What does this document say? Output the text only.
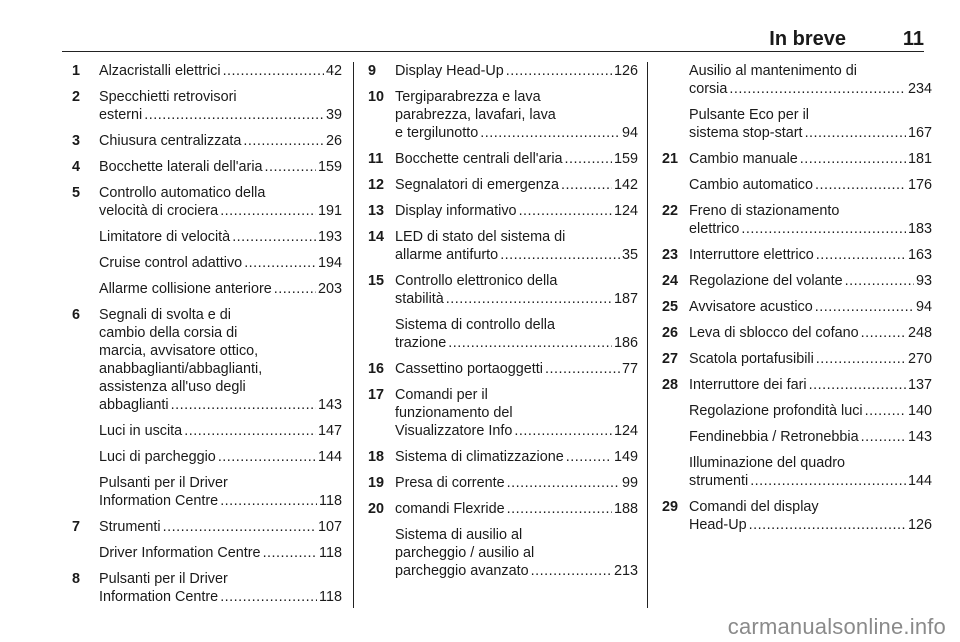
In breve	11
1	Alzacristalli elettrici .....	42
2	Specchietti retrovisori
esterni .....	39
3	Chiusura centralizzata .....	26
4	Bocchette laterali dell'aria .....	159
5	Controllo automatico della
velocità di crociera .....	191
Limitatore di velocità .....	193
Cruise control adattivo .....	194
Allarme collisione anteriore .....	203
6	Segnali di svolta e di
cambio della corsia di
marcia, avvisatore ottico,
anabbaglianti/abbaglianti,
assistenza all'uso degli
abbaglianti .....	143
Luci in uscita .....	147
Luci di parcheggio .....	144
Pulsanti per il Driver
Information Centre .....	118
7	Strumenti .....	107
Driver Information Centre .....	118
8	Pulsanti per il Driver
Information Centre .....	118
9	Display Head-Up .....	126
10 Tergiparabrezza e lava
parabrezza, lavafari, lava
e tergilunotto .....	94
11 Bocchette centrali dell'aria .....	159
12 Segnalatori di emergenza .....	142
13 Display informativo .....	124
14 LED di stato del sistema di
allarme antifurto .....	35
15 Controllo elettronico della
stabilità .....	187
Sistema di controllo della
trazione .....	186
16 Cassettino portaoggetti .....	77
17 Comandi per il
funzionamento del
Visualizzatore Info .....	124
18 Sistema di climatizzazione .....	149
19 Presa di corrente .....	99
20 comandi Flexride .....	188
Sistema di ausilio al
parcheggio / ausilio al
parcheggio avanzato .....	213
Ausilio al mantenimento di
corsia .....	234
Pulsante Eco per il
sistema stop-start .....	167
21 Cambio manuale .....	181
Cambio automatico .....	176
22 Freno di stazionamento
elettrico .....	183
23 Interruttore elettrico .....	163
24 Regolazione del volante .....	93
25 Avvisatore acustico .....	94
26 Leva di sblocco del cofano .....	248
27 Scatola portafusibili .....	270
28 Interruttore dei fari .....	137
Regolazione profondità luci .....	140
Fendinebbia / Retronebbia .....	143
Illuminazione del quadro
strumenti .....	144
29 Comandi del display
Head-Up .....	126
carmanualsonline.info
